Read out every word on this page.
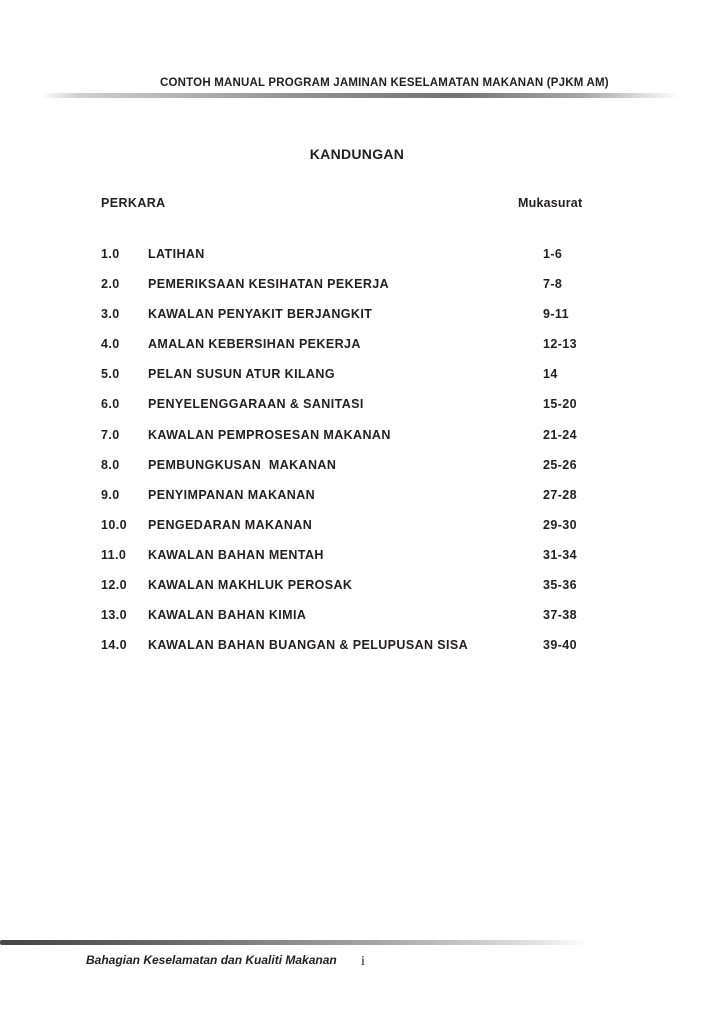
CONTOH MANUAL PROGRAM JAMINAN KESELAMATAN MAKANAN (PJKM AM)
KANDUNGAN
PERKARA	Mukasurat
1.0 LATIHAN	1-6
2.0 PEMERIKSAAN KESIHATAN PEKERJA	7-8
3.0 KAWALAN PENYAKIT BERJANGKIT	9-11
4.0 AMALAN KEBERSIHAN PEKERJA	12-13
5.0 PELAN SUSUN ATUR KILANG	14
6.0 PENYELENGGARAAN & SANITASI	15-20
7.0 KAWALAN PEMPROSESAN MAKANAN	21-24
8.0 PEMBUNGKUSAN  MAKANAN	25-26
9.0 PENYIMPANAN MAKANAN	27-28
10.0 PENGEDARAN MAKANAN	29-30
11.0 KAWALAN BAHAN MENTAH	31-34
12.0 KAWALAN MAKHLUK PEROSAK	35-36
13.0 KAWALAN BAHAN KIMIA	37-38
14.0 KAWALAN BAHAN BUANGAN & PELUPUSAN SISA	39-40
Bahagian Keselamatan dan Kualiti Makanan i
